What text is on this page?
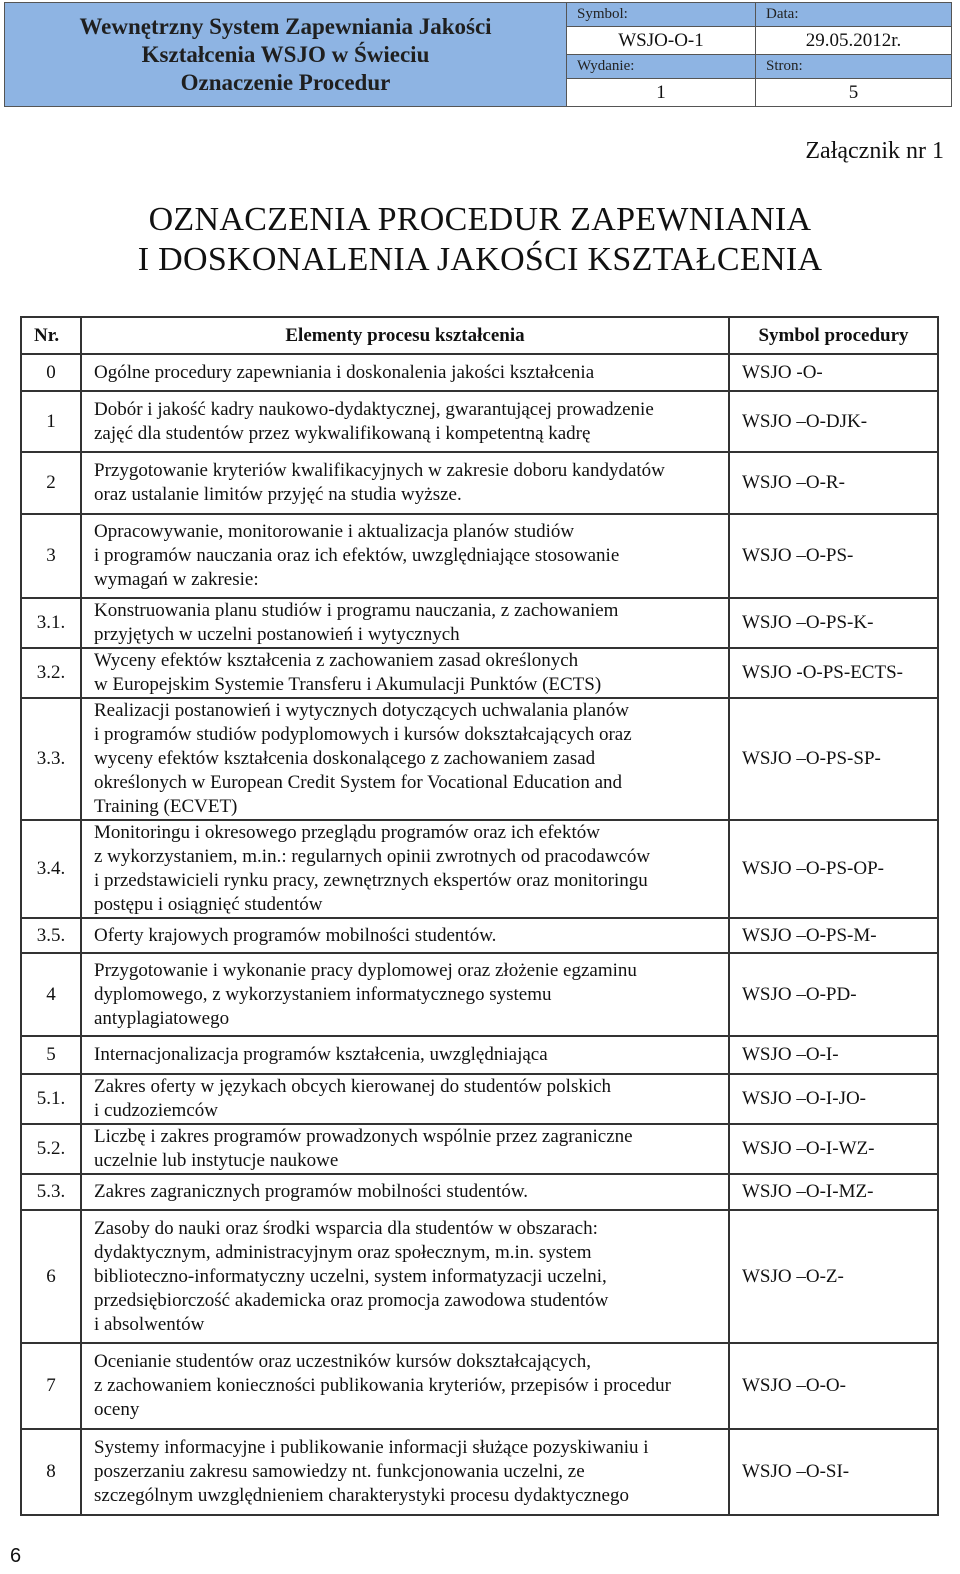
Wewnętrzny System Zapewniania Jakości
Kształcenia WSJO w Świeciu
Oznaczenie Procedur
Symbol:	Data:
WSJO-O-1	29.05.2012r.
Wydanie:	Stron:
1	5
Załącznik nr 1
OZNACZENIA PROCEDUR ZAPEWNIANIA
I DOSKONALENIA JAKOŚCI KSZTAŁCENIA
Nr.	Elementy procesu kształcenia	Symbol procedury
0	Ogólne procedury zapewniania i doskonalenia jakości kształcenia	WSJO -O-
1	Dobór i jakość kadry naukowo-dydaktycznej, gwarantującej prowadzenie
zajęć dla studentów przez wykwalifikowaną i kompetentną kadrę	WSJO –O-DJK-
2	Przygotowanie kryteriów kwalifikacyjnych w zakresie doboru kandydatów
oraz ustalanie limitów przyjęć na studia wyższe.	WSJO –O-R-
3	Opracowywanie, monitorowanie i aktualizacja planów studiów
i programów nauczania oraz ich efektów, uwzględniające stosowanie
wymagań w zakresie:	WSJO –O-PS-
3.1.	Konstruowania planu studiów i programu nauczania, z zachowaniem
przyjętych w uczelni postanowień i wytycznych	WSJO –O-PS-K-
3.2.	Wyceny efektów kształcenia z zachowaniem zasad określonych
w Europejskim Systemie Transferu i Akumulacji Punktów (ECTS)	WSJO -O-PS-ECTS-
3.3.	Realizacji postanowień i wytycznych dotyczących uchwalania planów
i programów studiów podyplomowych i kursów dokształcających oraz
wyceny efektów kształcenia doskonalącego z zachowaniem zasad
określonych w European Credit System for Vocational Education and
Training (ECVET)	WSJO –O-PS-SP-
3.4.	Monitoringu i okresowego przeglądu programów oraz ich efektów
z wykorzystaniem, m.in.: regularnych opinii zwrotnych od pracodawców
i przedstawicieli rynku pracy, zewnętrznych ekspertów oraz monitoringu
postępu i osiągnięć studentów	WSJO –O-PS-OP-
3.5.	Oferty krajowych programów mobilności studentów.	WSJO –O-PS-M-
4	Przygotowanie i wykonanie pracy dyplomowej oraz złożenie egzaminu
dyplomowego, z wykorzystaniem informatycznego systemu
antyplagiatowego	WSJO –O-PD-
5	Internacjonalizacja programów kształcenia, uwzględniająca	WSJO –O-I-
5.1.	Zakres oferty w językach obcych kierowanej do studentów polskich
i cudzoziemców	WSJO –O-I-JO-
5.2.	Liczbę i zakres programów prowadzonych wspólnie przez zagraniczne
uczelnie lub instytucje naukowe	WSJO –O-I-WZ-
5.3.	Zakres zagranicznych programów mobilności studentów.	WSJO –O-I-MZ-
6	Zasoby do nauki oraz środki wsparcia dla studentów w obszarach:
dydaktycznym, administracyjnym oraz społecznym, m.in. system
biblioteczno-informatyczny uczelni, system informatyzacji uczelni,
przedsiębiorczość akademicka oraz promocja zawodowa studentów
i absolwentów	WSJO –O-Z-
7	Ocenianie studentów oraz uczestników kursów dokształcających,
z zachowaniem konieczności publikowania kryteriów, przepisów i procedur
oceny	WSJO –O-O-
8	Systemy informacyjne i publikowanie informacji służące pozyskiwaniu i
poszerzaniu zakresu samowiedzy nt. funkcjonowania uczelni, ze
szczególnym uwzględnieniem charakterystyki procesu dydaktycznego	WSJO –O-SI-
6
